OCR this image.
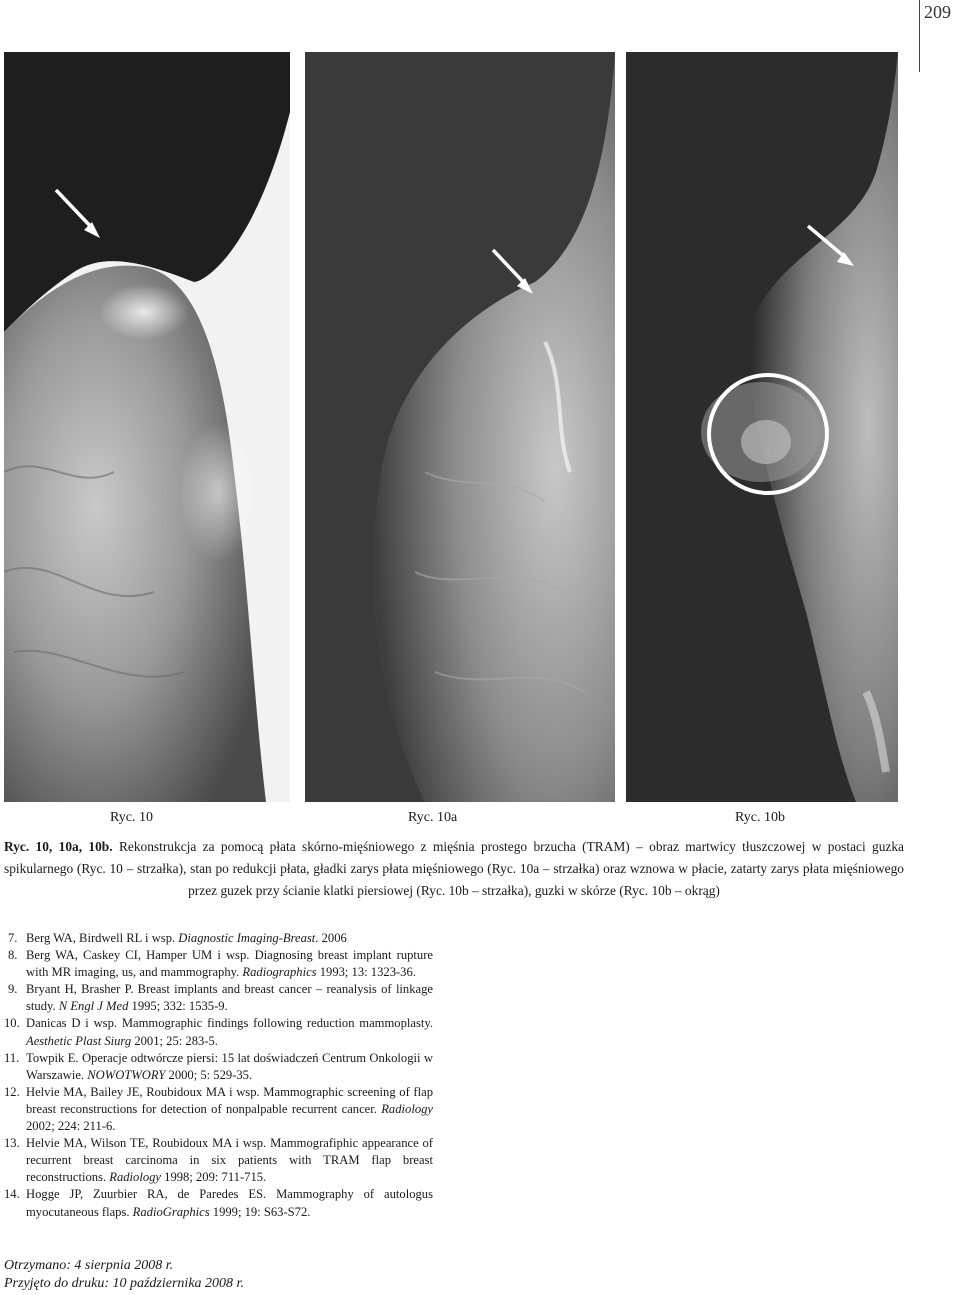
209
Ryc. 10	Ryc. 10a	Ryc. 10b
Ryc. 10, 10a, 10b. Rekonstrukcja za pomocą płata skórno-mięśniowego z mięśnia prostego brzucha (TRAM) – obraz martwicy tłuszczowej w postaci guzka spikularnego (Ryc. 10 – strzałka), stan po redukcji płata, gładki zarys płata mięśniowego (Ryc. 10a – strzałka) oraz wznowa w płacie, zatarty zarys płata mięśniowego przez guzek przy ścianie klatki piersiowej (Ryc. 10b – strzałka), guzki w skórze (Ryc. 10b – okrąg)
7. Berg WA, Birdwell RL i wsp. Diagnostic Imaging-Breast. 2006
8. Berg WA, Caskey CI, Hamper UM i wsp. Diagnosing breast implant rupture with MR imaging, us, and mammography. Radiographics 1993; 13: 1323-36.
9. Bryant H, Brasher P. Breast implants and breast cancer – reanalysis of linkage study. N Engl J Med 1995; 332: 1535-9.
10. Danicas D i wsp. Mammographic findings following reduction mammoplasty. Aesthetic Plast Siurg 2001; 25: 283-5.
11. Towpik E. Operacje odtwórcze piersi: 15 lat doświadczeń Centrum Onkologii w Warszawie. NOWOTWORY 2000; 5: 529-35.
12. Helvie MA, Bailey JE, Roubidoux MA i wsp. Mammographic screening of flap breast reconstructions for detection of nonpalpable recurrent cancer. Radiology 2002; 224: 211-6.
13. Helvie MA, Wilson TE, Roubidoux MA i wsp. Mammografiphic appearance of recurrent breast carcinoma in six patients with TRAM flap breast reconstructions. Radiology 1998; 209: 711-715.
14. Hogge JP, Zuurbier RA, de Paredes ES. Mammography of autologus myocutaneous flaps. RadioGraphics 1999; 19: S63-S72.
Otrzymano: 4 sierpnia 2008 r.
Przyjęto do druku: 10 października 2008 r.
